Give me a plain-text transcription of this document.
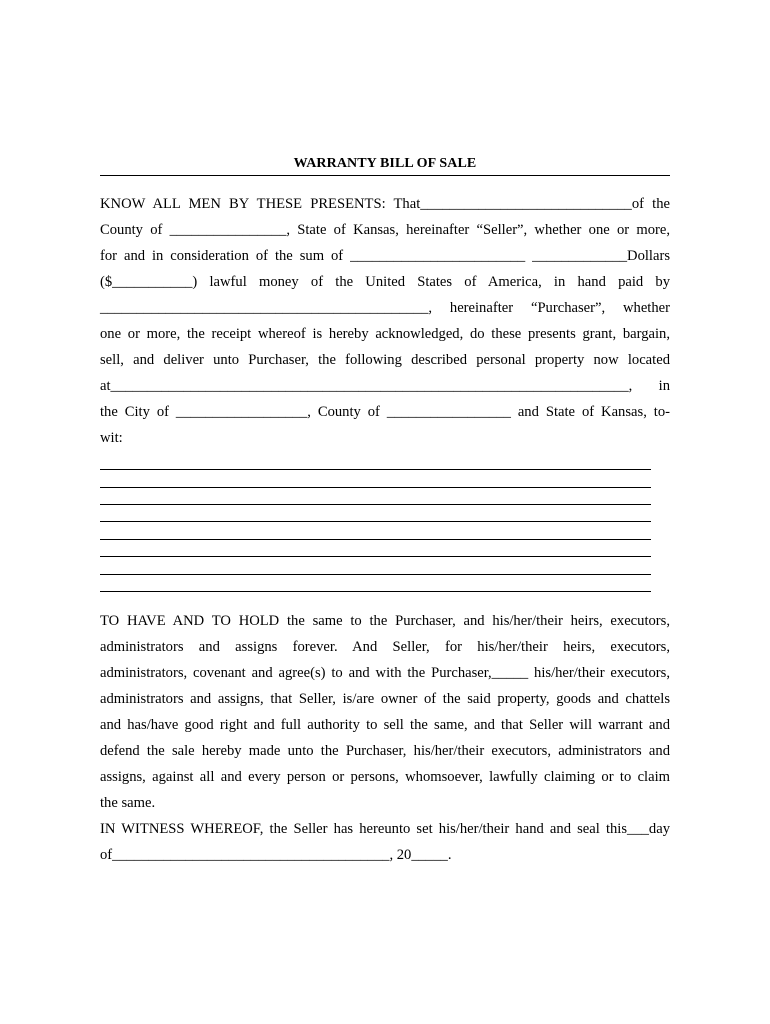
WARRANTY BILL OF SALE
KNOW ALL MEN BY THESE PRESENTS: That_____________________________of the
County of ________________, State of Kansas, hereinafter “Seller”, whether one or more,
for and in consideration of the sum of ________________________ _____________Dollars
($___________) lawful money of the United States of America, in hand paid by
_____________________________________________, hereinafter “Purchaser”, whether
one or more, the receipt whereof is hereby acknowledged, do these presents grant, bargain,
sell, and deliver unto Purchaser, the following described personal property now located
at_______________________________________________________________________, in
the City of __________________, County of _________________ and State of Kansas, to-
wit:
TO HAVE AND TO HOLD the same to the Purchaser, and his/her/their heirs, executors,
administrators and assigns forever. And Seller, for his/her/their heirs, executors,
administrators, covenant and agree(s) to and with the Purchaser,_____ his/her/their executors,
administrators and assigns, that Seller, is/are owner of the said property, goods and chattels
and has/have good right and full authority to sell the same, and that Seller will warrant and
defend the sale hereby made unto the Purchaser, his/her/their executors, administrators and
assigns, against all and every person or persons, whomsoever, lawfully claiming or to claim
the same.
IN WITNESS WHEREOF, the Seller has hereunto set his/her/their hand and seal this___day
of______________________________________, 20_____.
